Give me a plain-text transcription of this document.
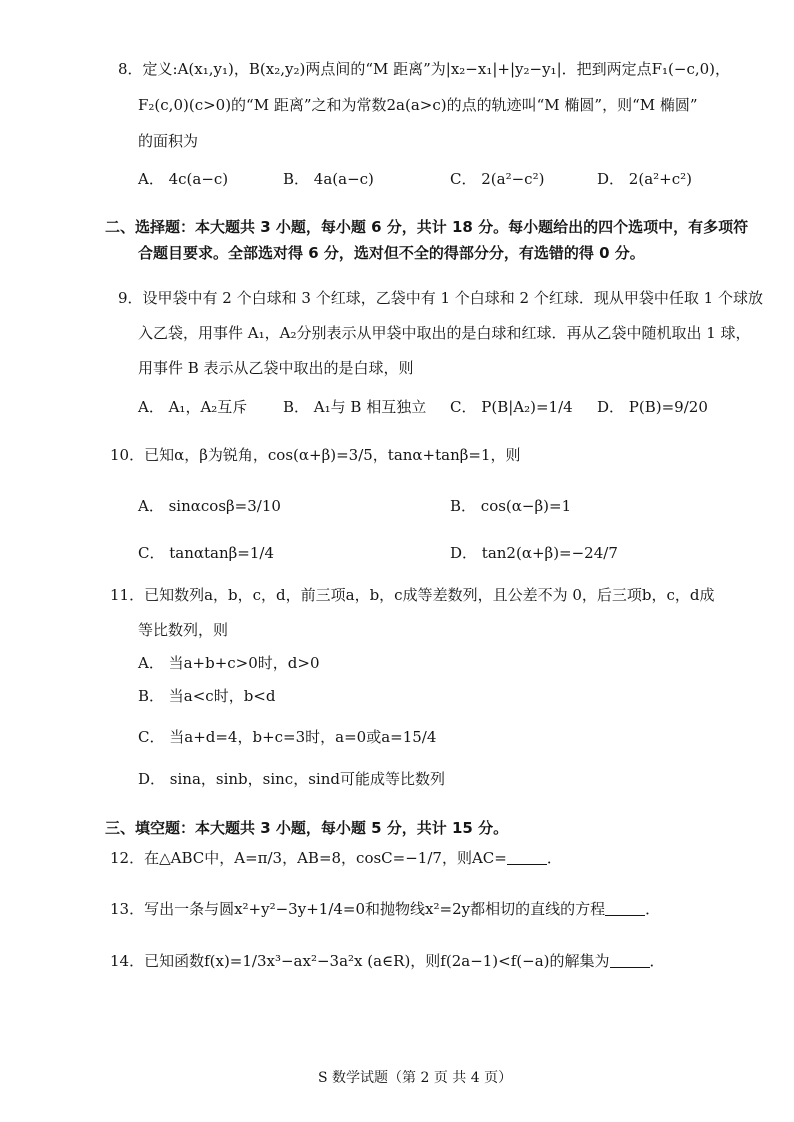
8．定义:A(x₁,y₁)，B(x₂,y₂)两点间的“M 距离”为|x₂−x₁|+|y₂−y₁|．把到两定点F₁(−c,0)，
F₂(c,0)(c>0)的“M 距离”之和为常数2a(a>c)的点的轨迹叫“M 椭圆”，则“M 椭圆”
的面积为
A． 4c(a−c)	B． 4a(a−c)	C． 2(a²−c²)	D． 2(a²+c²)
二、选择题：本大题共 3 小题，每小题 6 分，共计 18 分。每小题给出的四个选项中，有多项符
合题目要求。全部选对得 6 分，选对但不全的得部分分，有选错的得 0 分。
9．设甲袋中有 2 个白球和 3 个红球，乙袋中有 1 个白球和 2 个红球．现从甲袋中任取 1 个球放
入乙袋，用事件 A₁，A₂分别表示从甲袋中取出的是白球和红球．再从乙袋中随机取出 1 球，
用事件 B 表示从乙袋中取出的是白球，则
A． A₁，A₂互斥 B． A₁与 B 相互独立 C． P(B|A₂)=1/4 D． P(B)=9/20
10．已知α，β为锐角，cos(α+β)=3/5，tanα+tanβ=1，则
A． sinαcosβ=3/10	B． cos(α−β)=1
C． tanαtanβ=1/4	D． tan2(α+β)=−24/7
11．已知数列a，b，c，d，前三项a，b，c成等差数列，且公差不为 0，后三项b，c，d成
等比数列，则
A． 当a+b+c>0时，d>0
B． 当a<c时，b<d
C． 当a+d=4，b+c=3时，a=0或a=15/4
D． sina，sinb，sinc，sind可能成等比数列
三、填空题：本大题共 3 小题，每小题 5 分，共计 15 分。
12．在△ABC中，A=π/3，AB=8，cosC=−1/7，则AC=	．
13．写出一条与圆x²+y²−3y+1/4=0和抛物线x²=2y都相切的直线的方程	．
14．已知函数f(x)=1/3x³−ax²−3a²x (a∈R)，则f(2a−1)<f(−a)的解集为	．
S 数学试题（第 2 页 共 4 页）
